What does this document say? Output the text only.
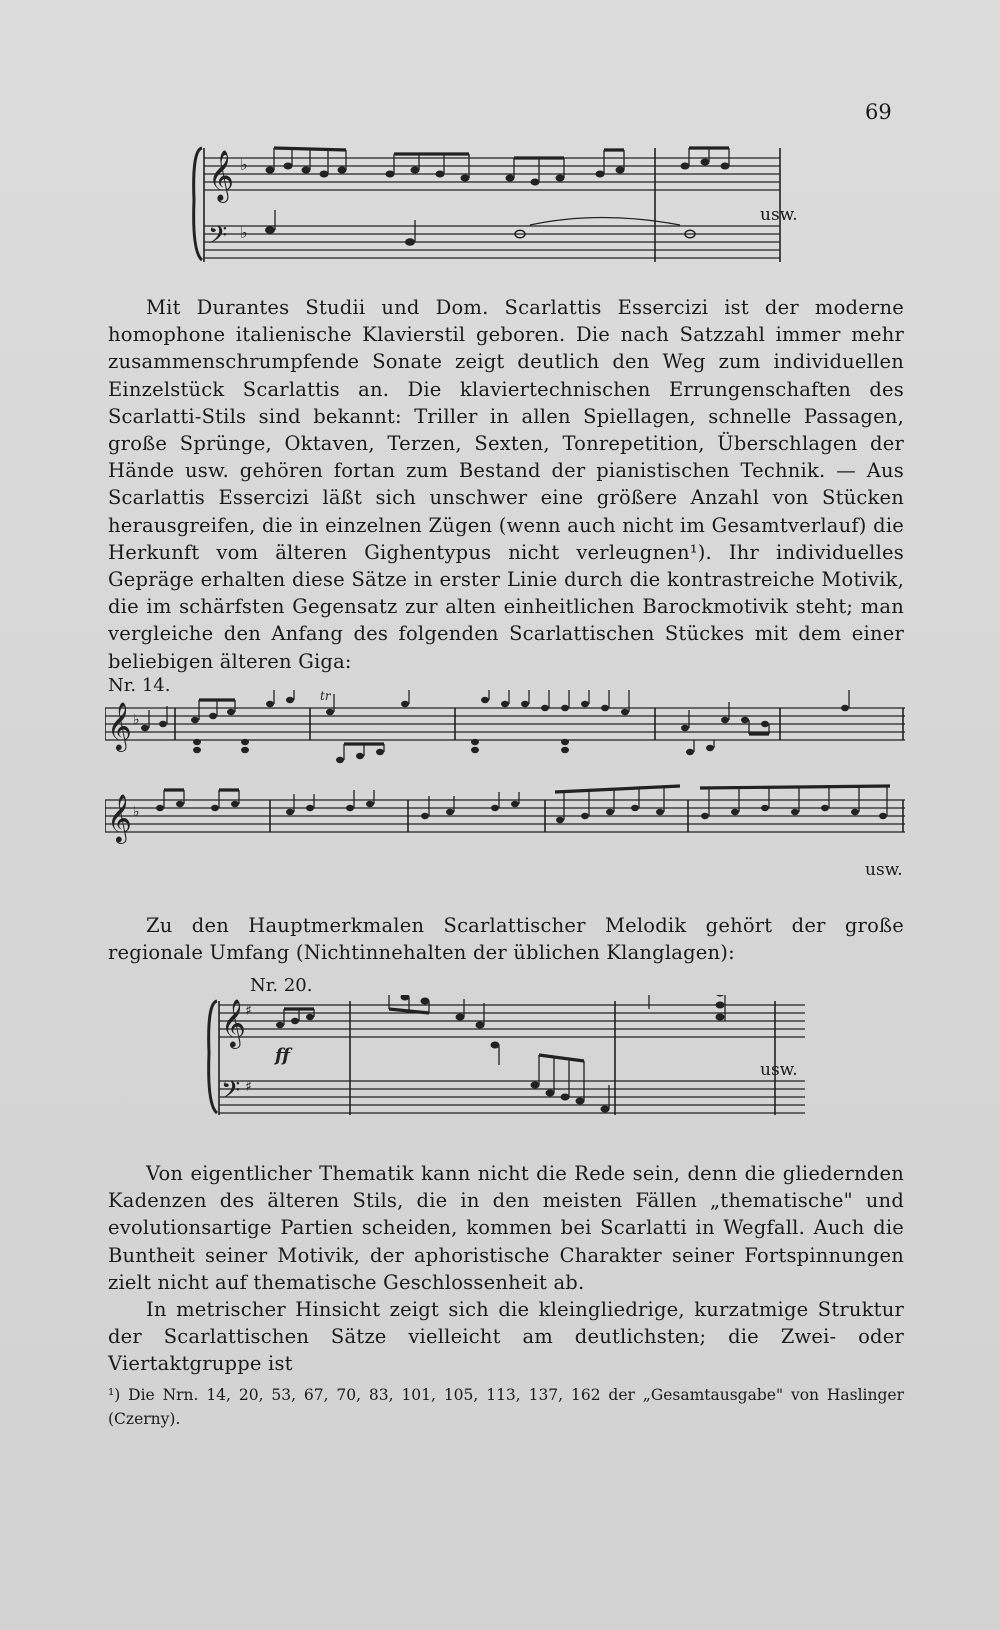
69
𝄞
𝄢
♭
♭
usw.

Mit Durantes Studii und Dom. Scarlattis Essercizi ist der moderne homophone italienische Klavierstil geboren. Die nach Satzzahl immer mehr zusammenschrumpfende Sonate zeigt deutlich den Weg zum individuellen Einzelstück Scarlattis an. Die klaviertechnischen Errungenschaften des Scarlatti-Stils sind bekannt: Triller in allen Spiellagen, schnelle Passagen, große Sprünge, Oktaven, Terzen, Sexten, Tonrepetition, Überschlagen der Hände usw. gehören fortan zum Bestand der pianistischen Technik. — Aus Scarlattis Essercizi läßt sich unschwer eine größere Anzahl von Stücken herausgreifen, die in einzelnen Zügen (wenn auch nicht im Gesamtverlauf) die Herkunft vom älteren Gighentypus nicht verleugnen¹). Ihr individuelles Gepräge erhalten diese Sätze in erster Linie durch die kontrastreiche Motivik, die im schärfsten Gegensatz zur alten einheitlichen Barockmotivik steht; man vergleiche den Anfang des folgenden Scarlattischen Stückes mit dem einer beliebigen älteren Giga:

Nr. 14.
𝄞 ♭
tr
𝄞 ♭
usw.

Zu den Hauptmerkmalen Scarlattischer Melodik gehört der große regionale Umfang (Nichtinnehalten der üblichen Klanglagen):

Nr. 20.
𝄞
𝄢
♯
♯
ff
usw.

Von eigentlicher Thematik kann nicht die Rede sein, denn die gliedernden Kadenzen des älteren Stils, die in den meisten Fällen „thematische" und evolutionsartige Partien scheiden, kommen bei Scarlatti in Wegfall. Auch die Buntheit seiner Motivik, der aphoristische Charakter seiner Fortspinnungen zielt nicht auf thematische Geschlossenheit ab.

In metrischer Hinsicht zeigt sich die kleingliedrige, kurzatmige Struktur der Scarlattischen Sätze vielleicht am deutlichsten; die Zwei- oder Viertaktgruppe ist

¹) Die Nrn. 14, 20, 53, 67, 70, 83, 101, 105, 113, 137, 162 der „Gesamtausgabe" von Haslinger (Czerny).
